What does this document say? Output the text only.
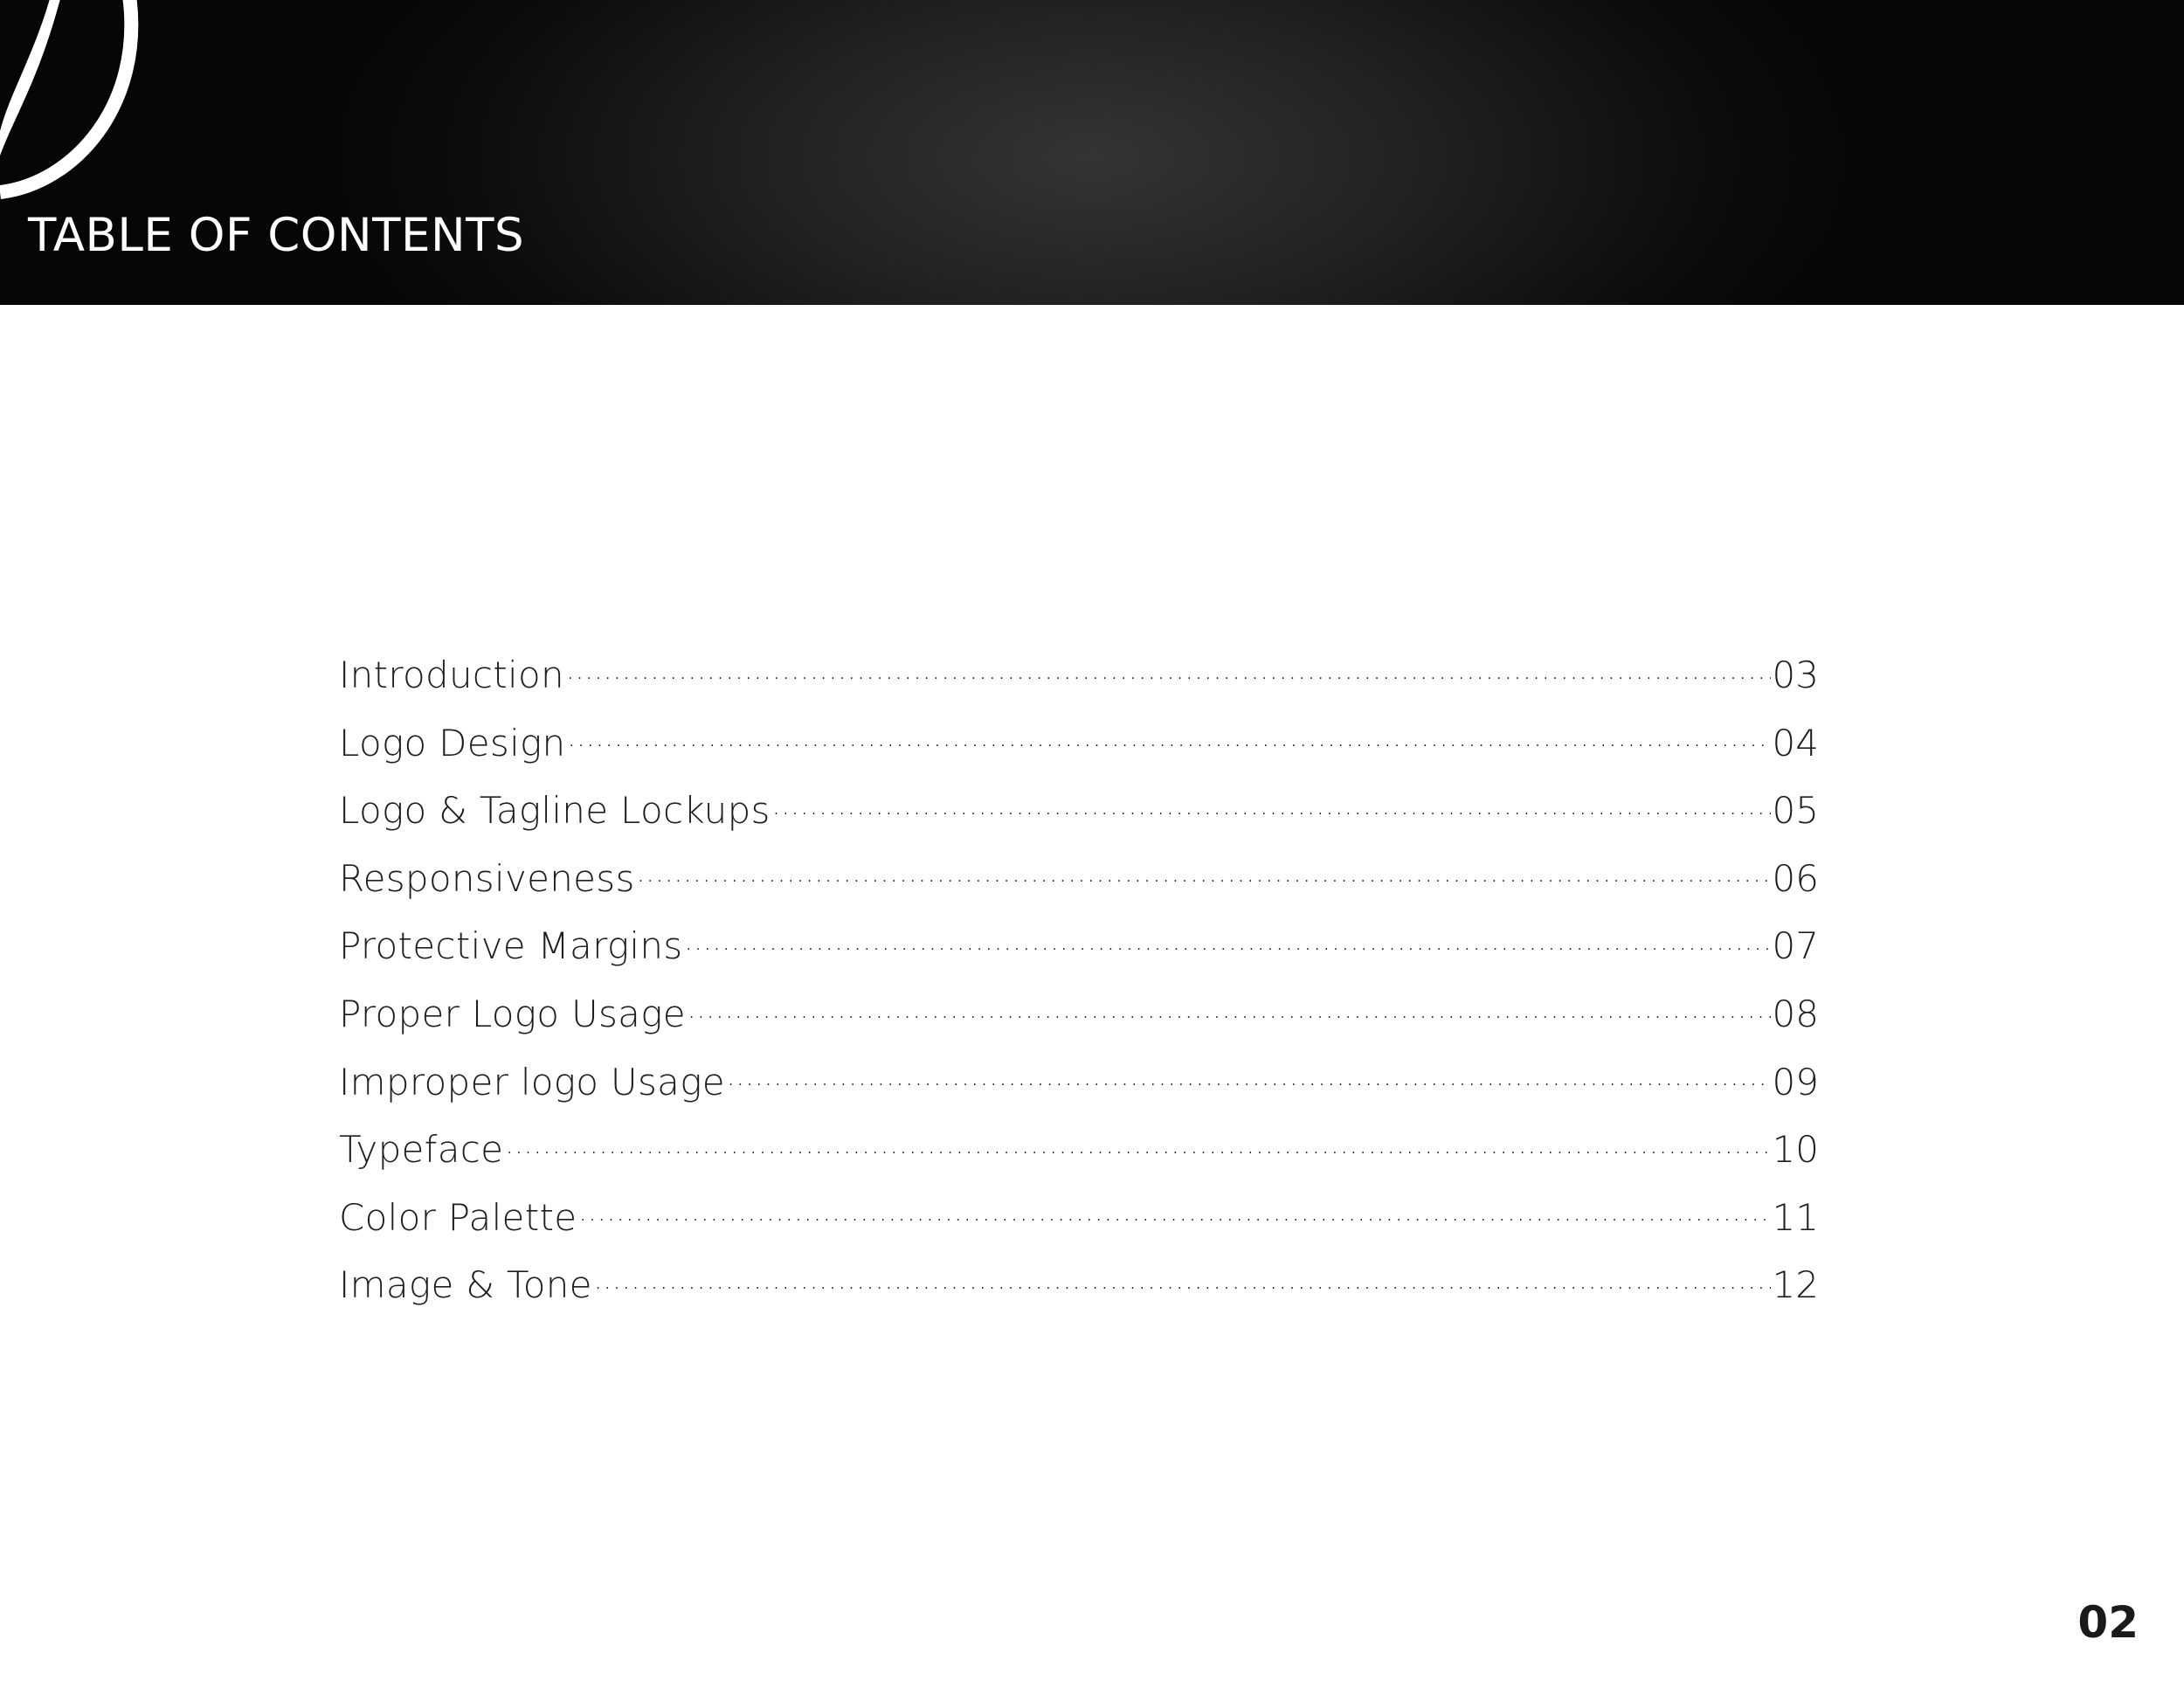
TABLE OF CONTENTS
Introduction .....	03
Logo Design .....	04
Logo & Tagline Lockups .....	05
Responsiveness .....	06
Protective Margins .....	07
Proper Logo Usage .....	08
Improper logo Usage .....	09
Typeface .....	10
Color Palette .....	11
Image & Tone .....	12
02
